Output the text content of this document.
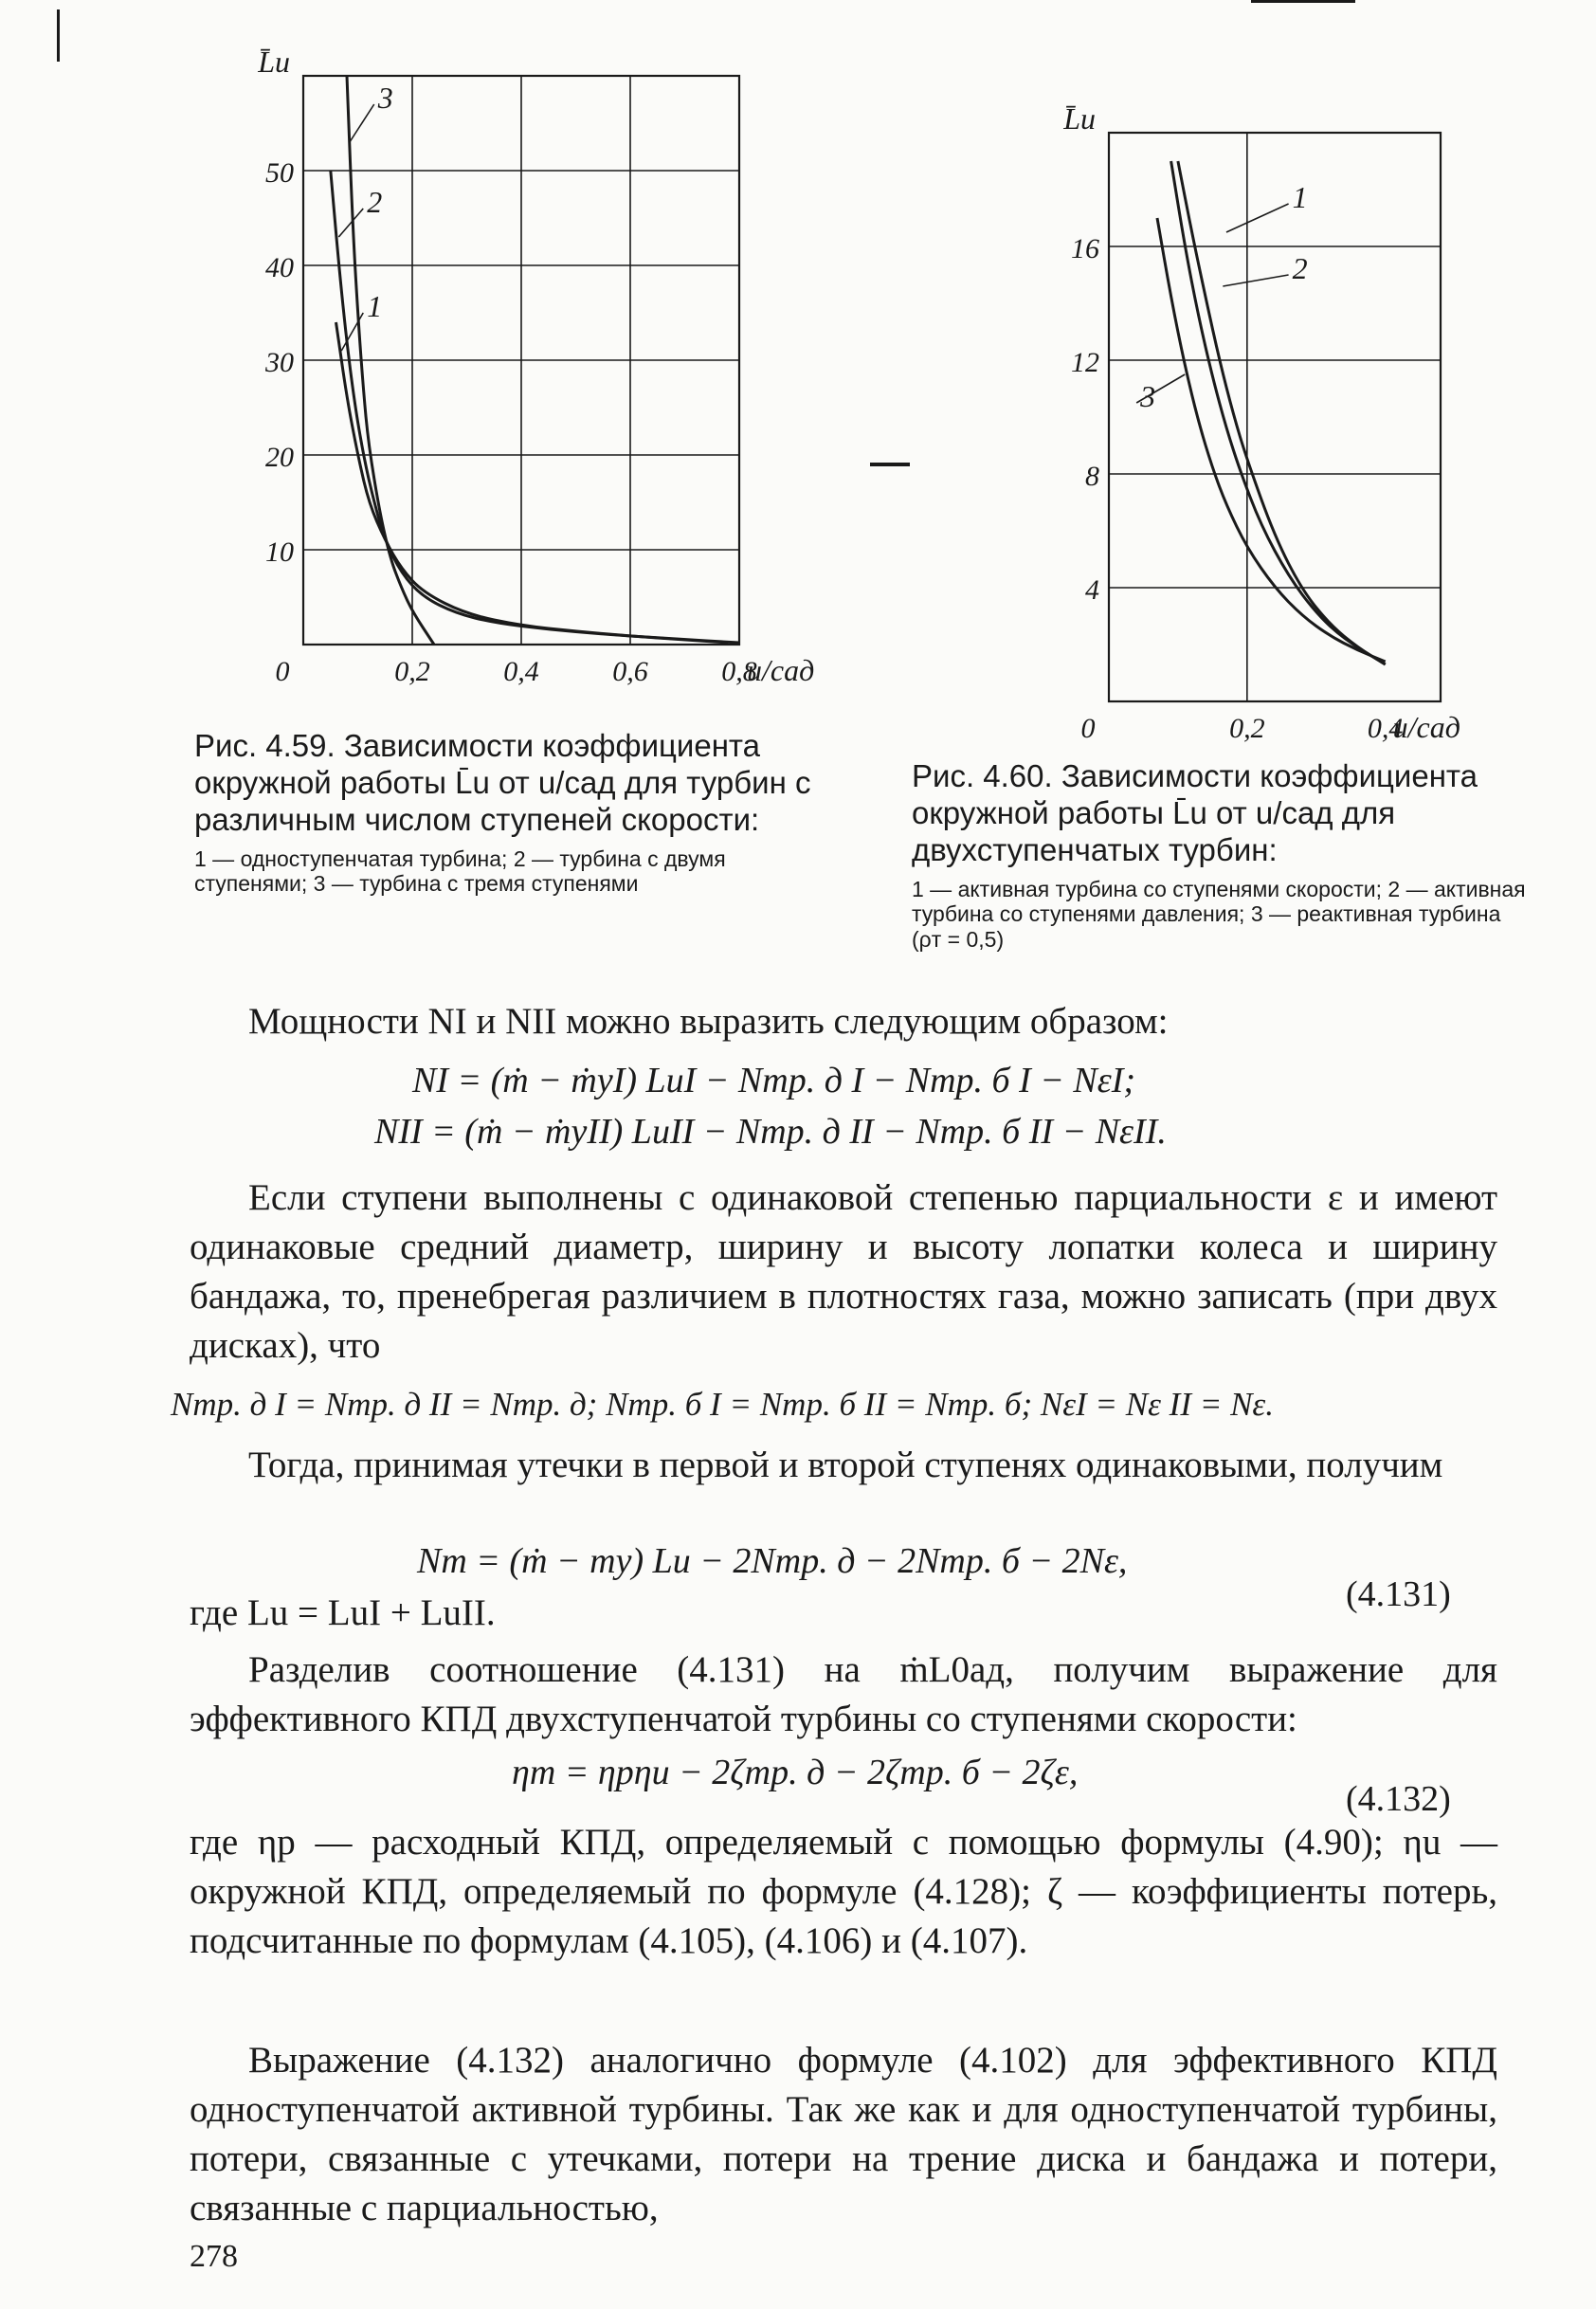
50
40
30
20
10
0	0,2	0,4	0,6	0,8
L̄u
u/cад
3
2
1
Рис. 4.59. Зависимости коэффициента окружной работы L̄u от u/cад для турбин с различным числом ступеней скорости:
1 — одноступенчатая турбина; 2 — турбина с двумя ступенями; 3 — турбина с тремя ступенями
16
12
8
4
0	0,2	0,4
L̄u
u/cад
1
2
3
Рис. 4.60. Зависимости коэффициента окружной работы L̄u от u/cад для двухступенчатых турбин:
1 — активная турбина со ступенями скорости; 2 — активная турбина со ступенями давления; 3 — реактивная турбина (ρт = 0,5)
Мощности NI и NII можно выразить следующим образом:
NI = (ṁ − ṁуI) LuI − Nтр. д I − Nтр. б I − NεI;
NII = (ṁ − ṁуII) LuII − Nтр. д II − Nтр. б II − NεII.
Если ступени выполнены с одинаковой степенью парциальности ε и имеют одинаковые средний диаметр, ширину и высоту лопатки колеса и ширину бандажа, то, пренебрегая различием в плотностях газа, можно записать (при двух дисках), что
Nтр. д I = Nтр. д II = Nтр. д; Nтр. б I = Nтр. б II = Nтр. б; NεI = Nε II = Nε.
Тогда, принимая утечки в первой и второй ступенях одинаковыми, получим
Nт = (ṁ − mу) Lu − 2Nтр. д − 2Nтр. б − 2Nε,
(4.131)
где Lu = LuI + LuII.
Разделив соотношение (4.131) на ṁL0ад, получим выражение для эффективного КПД двухступенчатой турбины со ступенями скорости:
ηт = ηpηu − 2ζтр. д − 2ζтр. б − 2ζε,
(4.132)
где ηр — расходный КПД, определяемый с помощью формулы (4.90); ηu — окружной КПД, определяемый по формуле (4.128); ζ — коэффициенты потерь, подсчитанные по формулам (4.105), (4.106) и (4.107).
Выражение (4.132) аналогично формуле (4.102) для эффективного КПД одноступенчатой активной турбины. Так же как и для одноступенчатой турбины, потери, связанные с утечками, потери на трение диска и бандажа и потери, связанные с парциальностью,
278
